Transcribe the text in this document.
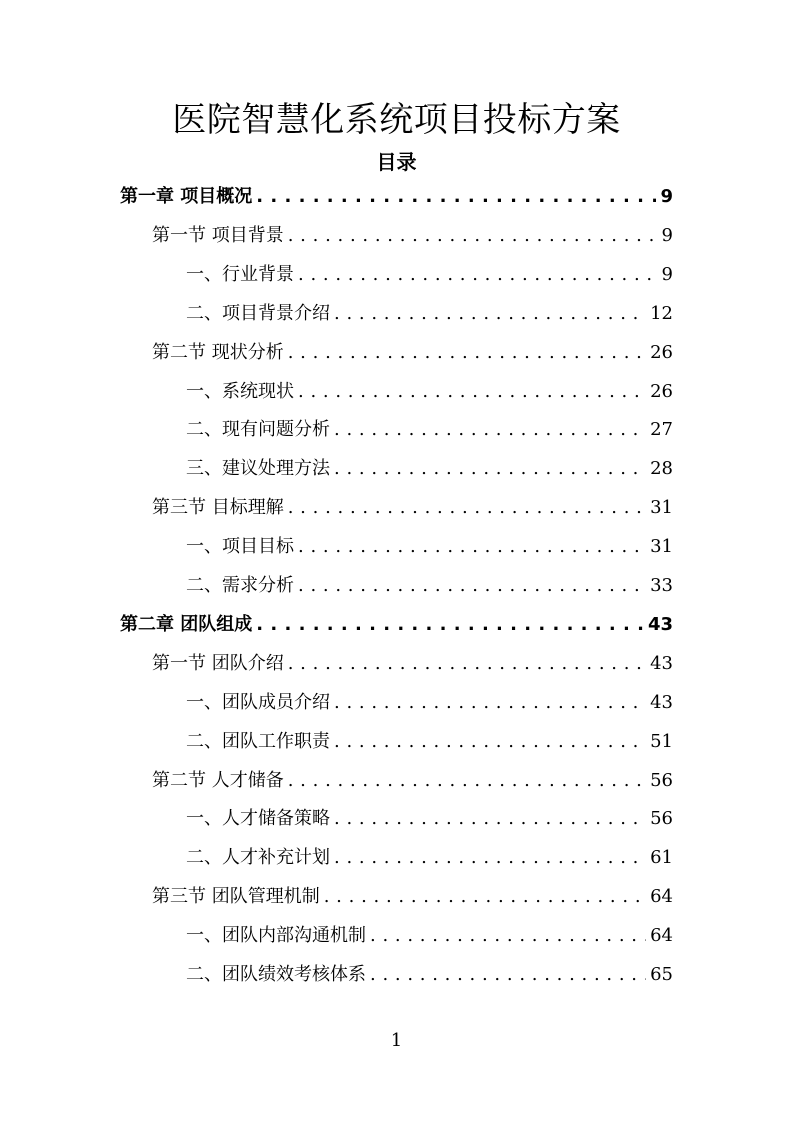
医院智慧化系统项目投标方案
目录
第一章 项目概况 . . .	9
第一节 项目背景 . . .	9
一、行业背景 . . .	9
二、项目背景介绍 . . .	12
第二节 现状分析 . . .	26
一、系统现状 . . .	26
二、现有问题分析 . . .	27
三、建议处理方法 . . .	28
第三节 目标理解 . . .	31
一、项目目标 . . .	31
二、需求分析 . . .	33
第二章 团队组成 . . .	43
第一节 团队介绍 . . .	43
一、团队成员介绍 . . .	43
二、团队工作职责 . . .	51
第二节 人才储备 . . .	56
一、人才储备策略 . . .	56
二、人才补充计划 . . .	61
第三节 团队管理机制 . . .	64
一、团队内部沟通机制 . . .	64
二、团队绩效考核体系 . . .	65
1
